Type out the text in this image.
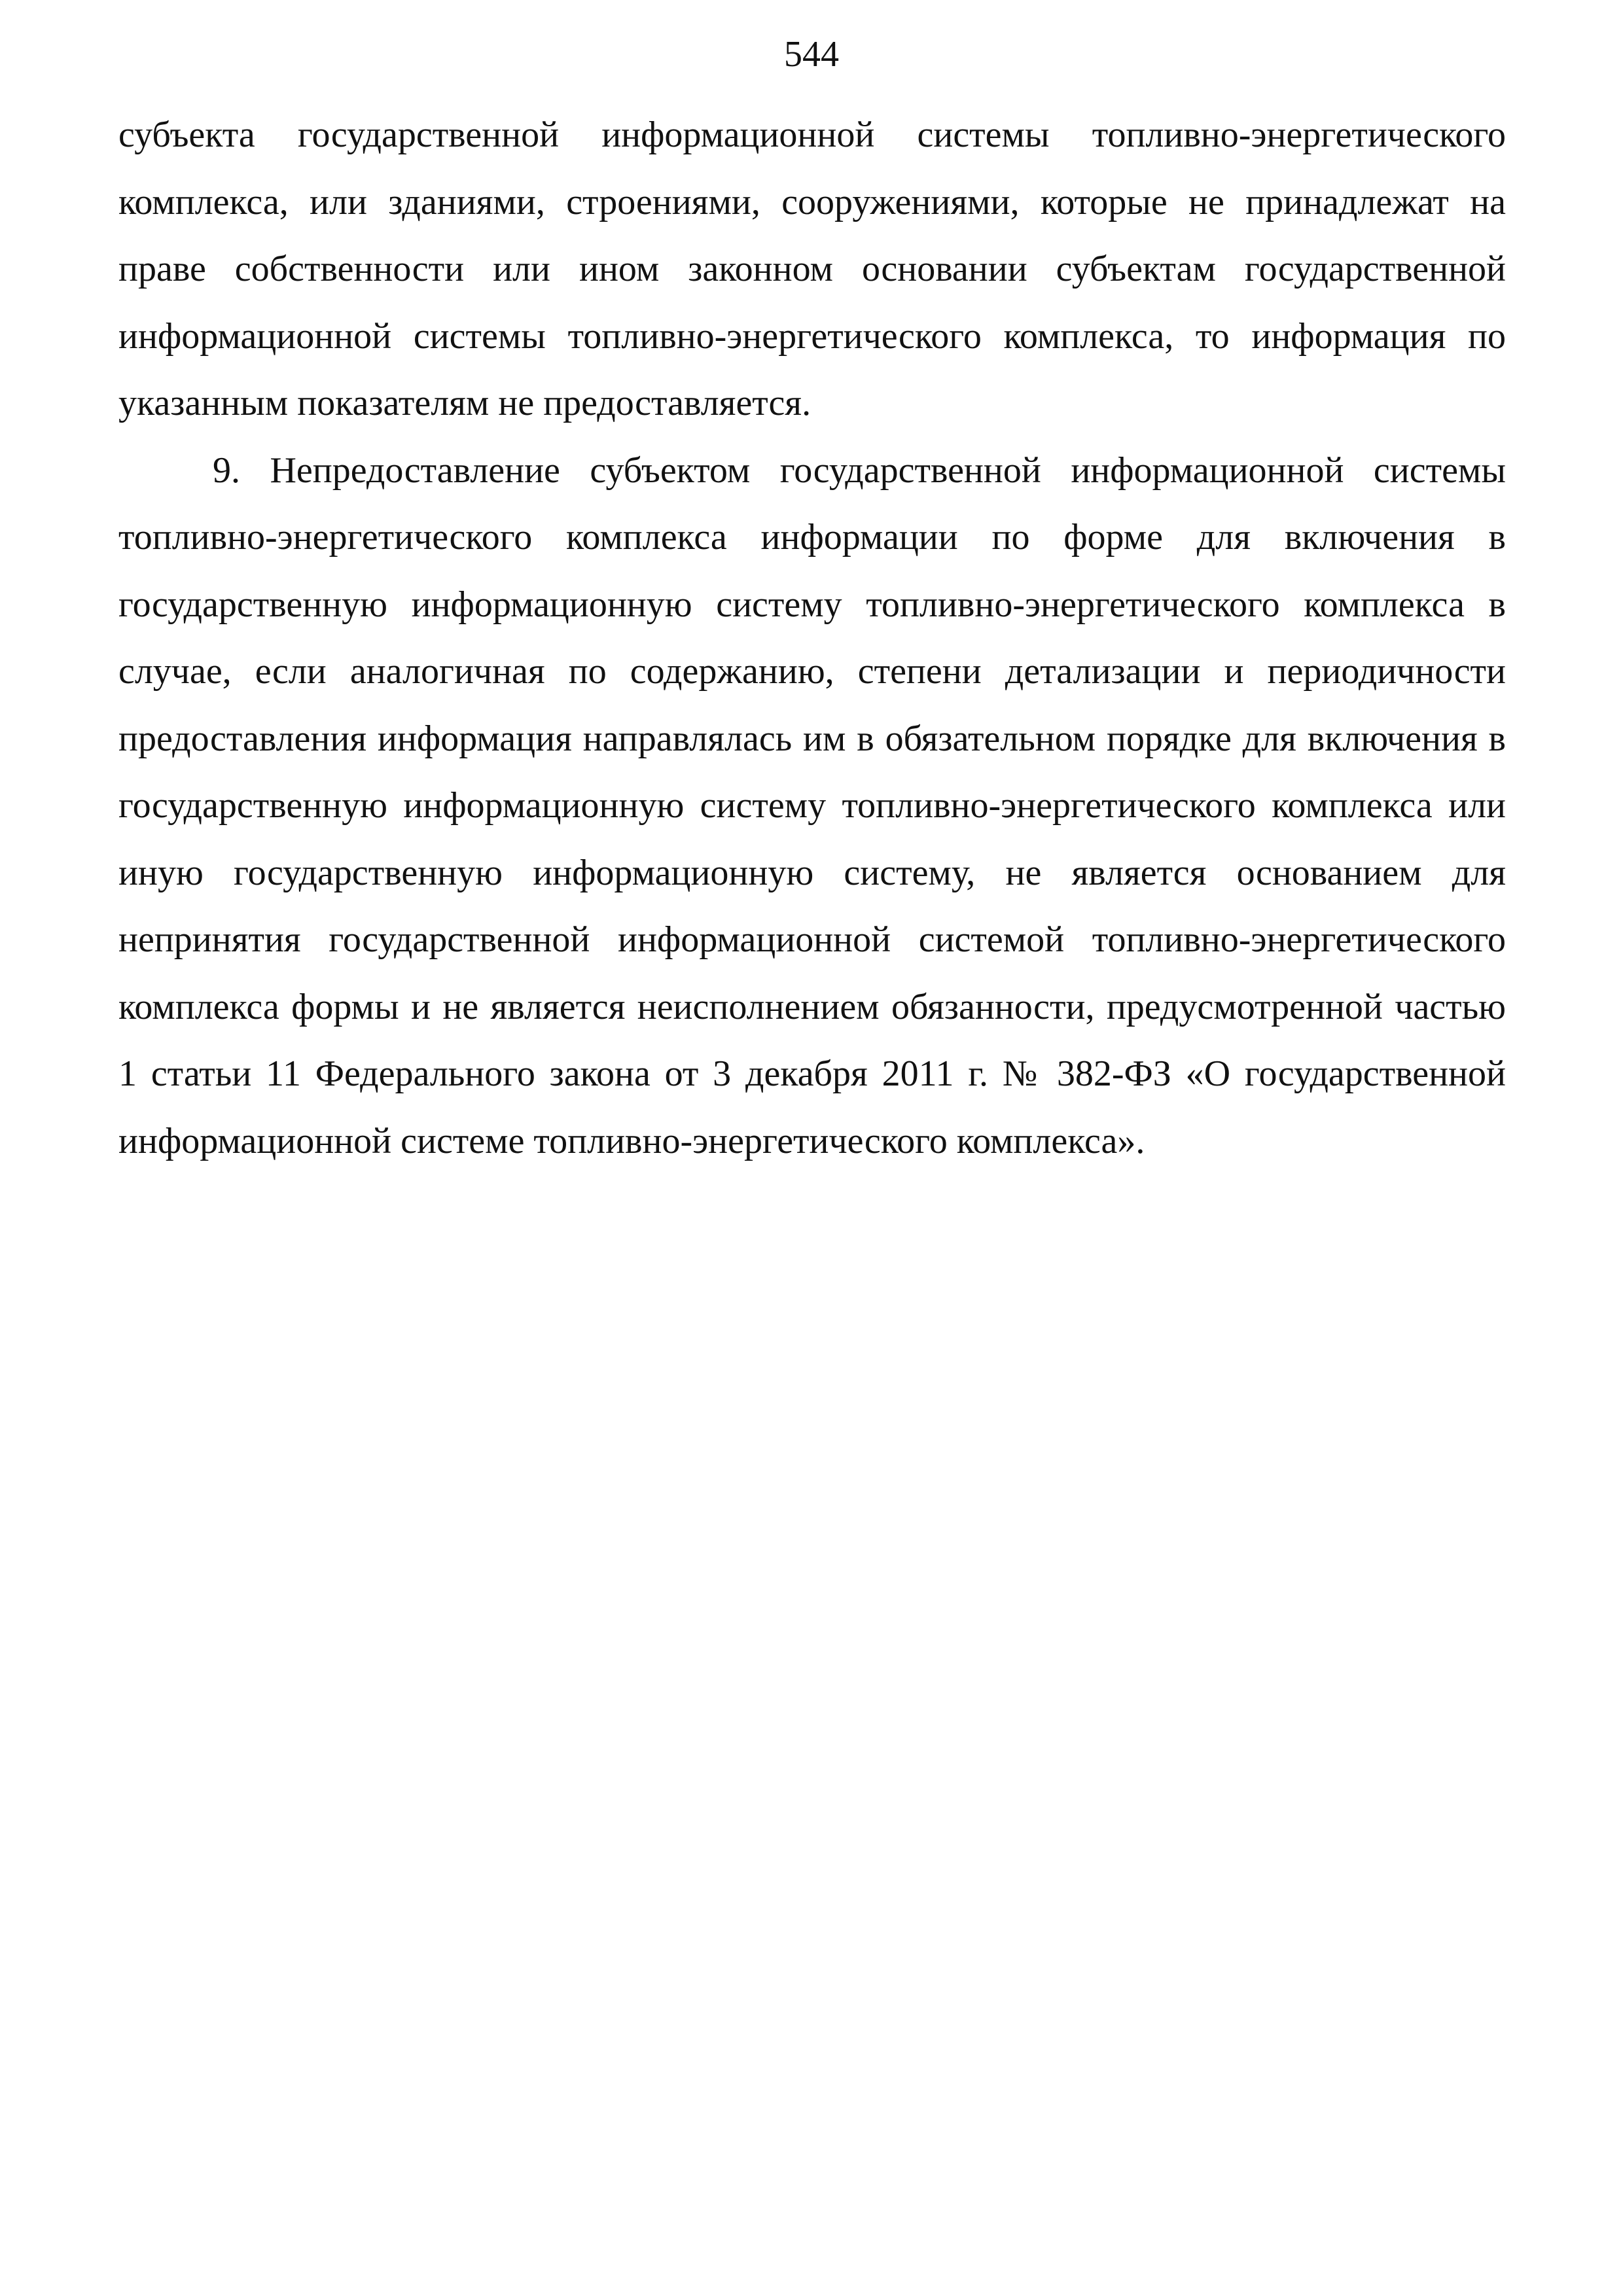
544

субъекта государственной информационной системы топливно-энергетического комплекса, или зданиями, строениями, сооружениями, которые не принадлежат на праве собственности или ином законном основании субъектам государственной информационной системы топливно-энергетического комплекса, то информация по указанным показателям не предоставляется.

9. Непредоставление субъектом государственной информационной системы топливно-энергетического комплекса информации по форме для включения в государственную информационную систему топливно-энергетического комплекса в случае, если аналогичная по содержанию, степени детализации и периодичности предоставления информация направлялась им в обязательном порядке для включения в государственную информационную систему топливно-энергетического комплекса или иную государственную информационную систему, не является основанием для непринятия государственной информационной системой топливно-энергетического комплекса формы и не является неисполнением обязанности, предусмотренной частью 1 статьи 11 Федерального закона от 3 декабря 2011 г. № 382-ФЗ «О государственной информационной системе топливно-энергетического комплекса».
